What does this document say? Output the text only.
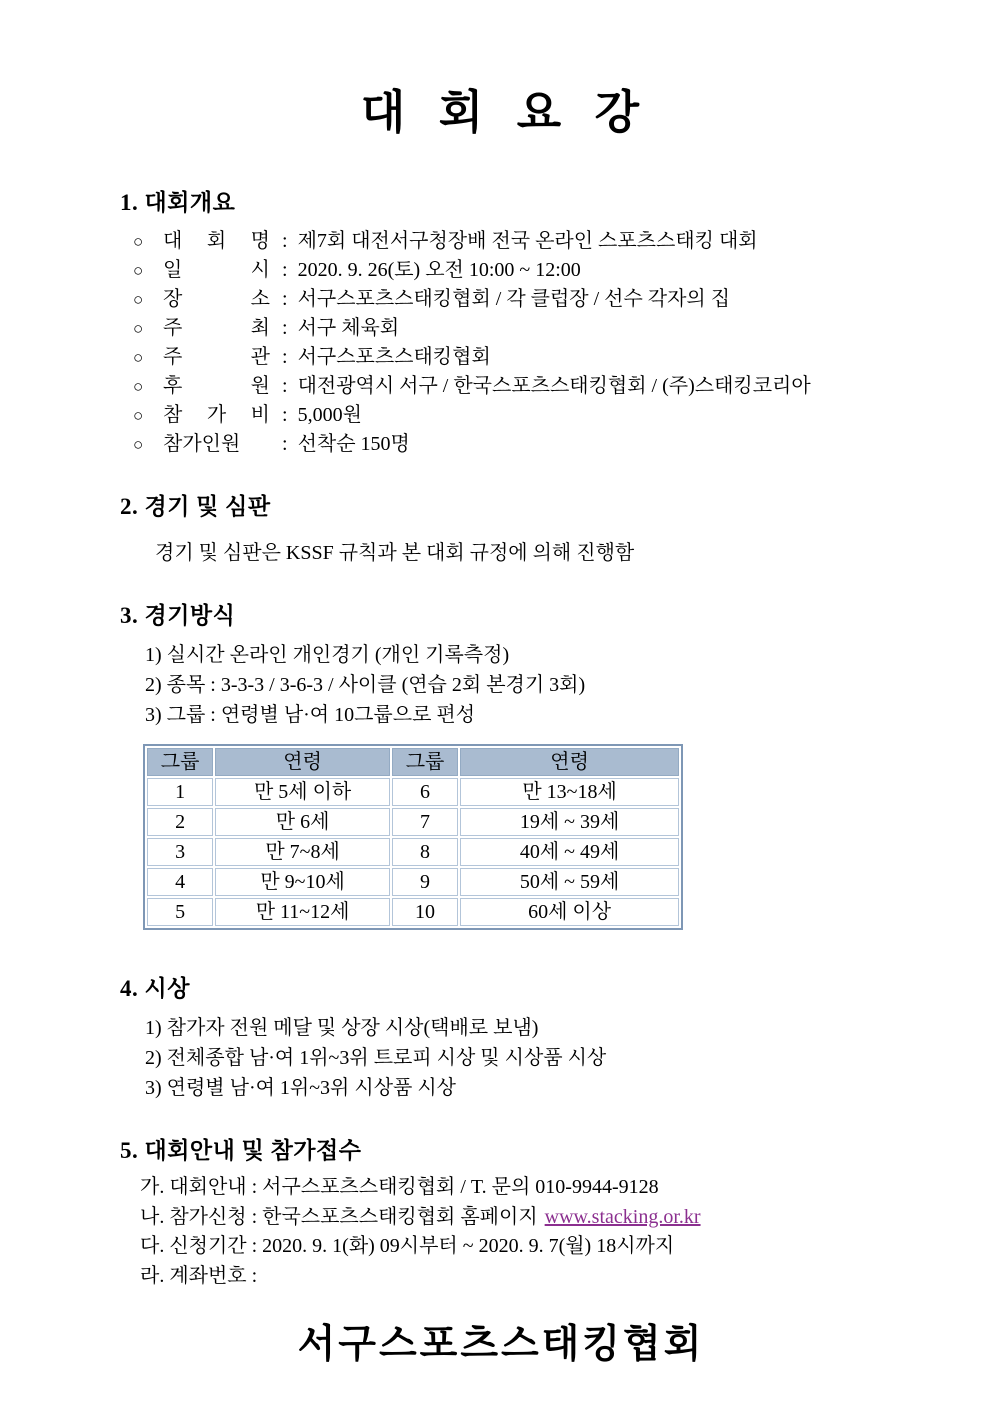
대 회 요 강
1. 대회개요
○ 대 회 명 : 제7회 대전서구청장배 전국 온라인 스포츠스태킹 대회
○ 일 시 : 2020. 9. 26(토) 오전 10:00 ~ 12:00
○ 장 소 : 서구스포츠스태킹협회 / 각 클럽장 / 선수 각자의 집
○ 주 최 : 서구 체육회
○ 주 관 : 서구스포츠스태킹협회
○ 후 원 : 대전광역시 서구 / 한국스포츠스태킹협회 / (주)스태킹코리아
○ 참 가 비 : 5,000원
○ 참가인원	: 선착순 150명
2. 경기 및 심판
경기 및 심판은 KSSF 규칙과 본 대회 규정에 의해 진행함
3. 경기방식
1) 실시간 온라인 개인경기 (개인 기록측정)
2) 종목 : 3-3-3 / 3-6-3 / 사이클 (연습 2회 본경기 3회)
3) 그룹 : 연령별 남·여 10그룹으로 편성
그룹	연령	그룹	연령
1	만 5세 이하	6	만 13~18세
2	만 6세	7	19세 ~ 39세
3	만 7~8세	8	40세 ~ 49세
4	만 9~10세	9	50세 ~ 59세
5	만 11~12세	10	60세 이상
4. 시상
1) 참가자 전원 메달 및 상장 시상(택배로 보냄)
2) 전체종합 남·여 1위~3위 트로피 시상 및 시상품 시상
3) 연령별 남·여 1위~3위 시상품 시상
5. 대회안내 및 참가접수
가. 대회안내 : 서구스포츠스태킹협회 / T. 문의 010-9944-9128
나. 참가신청 : 한국스포츠스태킹협회 홈페이지 www.stacking.or.kr
다. 신청기간 : 2020. 9. 1(화) 09시부터 ~ 2020. 9. 7(월) 18시까지
라. 계좌번호 :
서구스포츠스태킹협회
